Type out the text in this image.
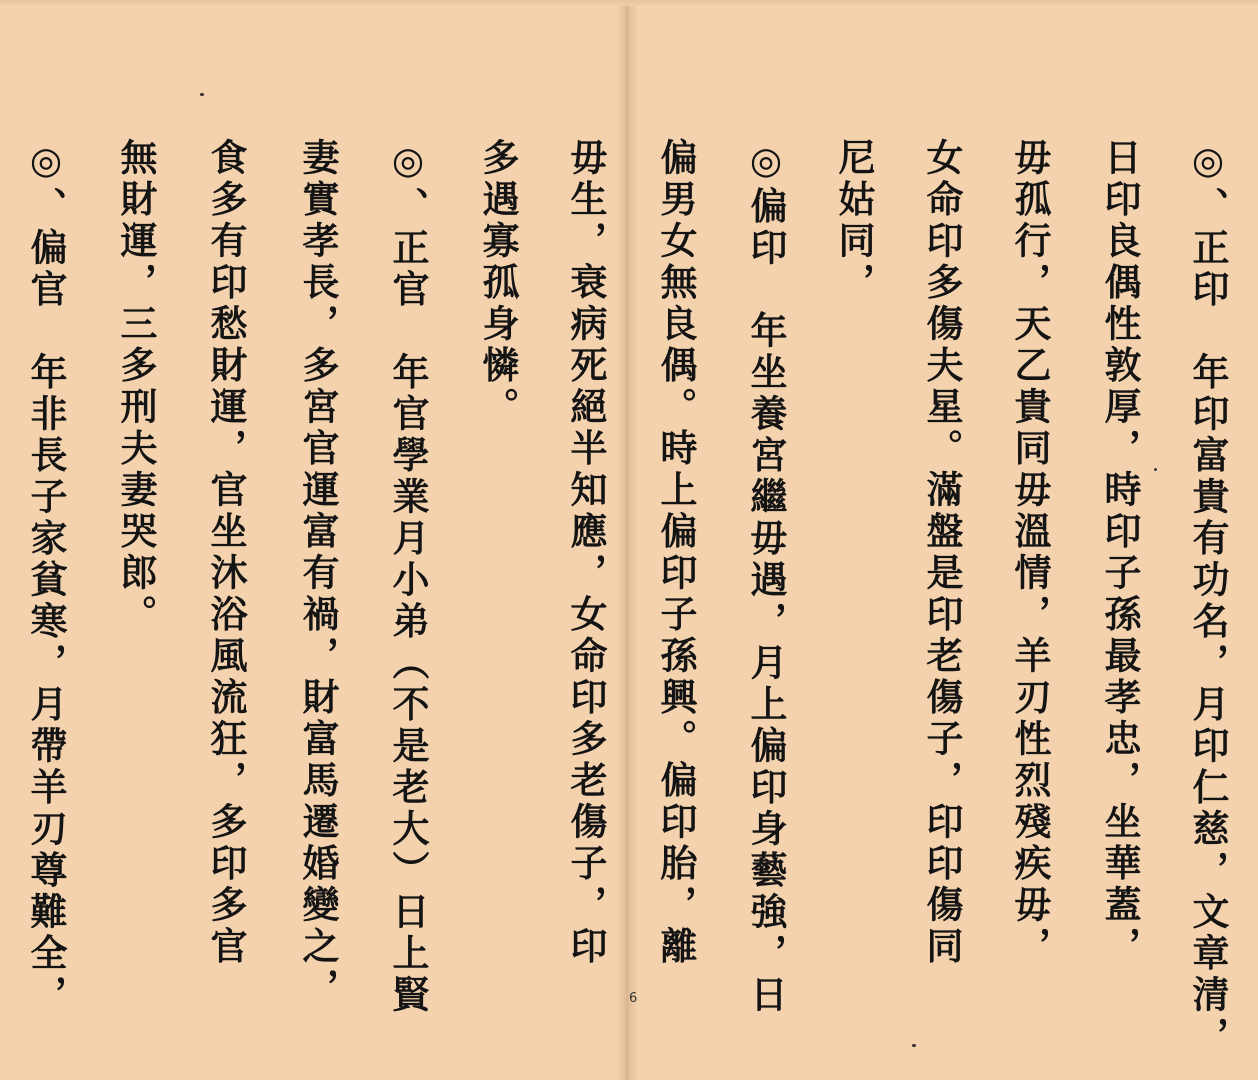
◎、正印　年印富貴有功名，月印仁慈，文章清，
日印良偶性敦厚，時印子孫最孝忠，坐華蓋，
毋孤行，天乙貴同毋溫情，羊刃性烈殘疾毋，
女命印多傷夫星。滿盤是印老傷子，印印傷同
尼姑同，
◎偏印　年坐養宮繼毋遇，月上偏印身藝強，日
偏男女無良偶。時上偏印子孫興。偏印胎，離
毋生，衰病死絕半知應，女命印多老傷子，印
多遇寡孤身憐。
◎、正官　年官學業月小弟（不是老大）日上賢
妻實孝長，多宮官運富有禍，財富馬遷婚變之，
食多有印愁財運，官坐沐浴風流狂，多印多官
無財運，三多刑夫妻哭郎。
◎、偏官　年非長子家貧寒，月帶羊刃尊難全，	6
